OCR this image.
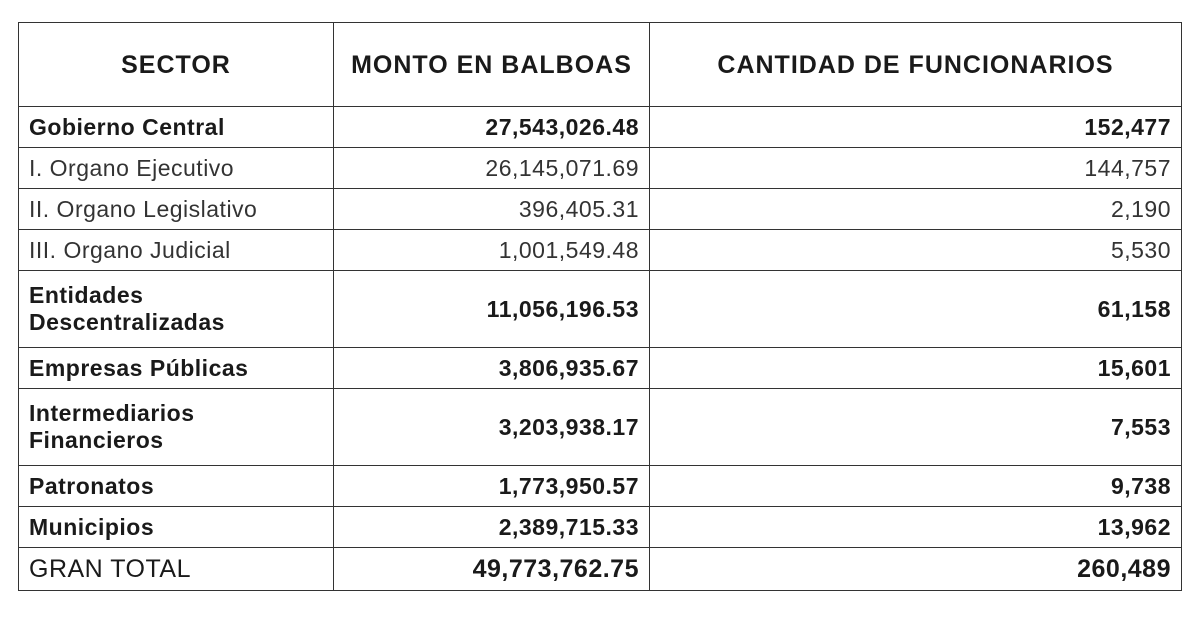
SECTOR	MONTO EN BALBOAS	CANTIDAD DE FUNCIONARIOS
Gobierno Central	27,543,026.48	152,477
I. Organo Ejecutivo	26,145,071.69	144,757
II. Organo Legislativo	396,405.31	2,190
III. Organo Judicial	1,001,549.48	5,530
Entidades Descentralizadas	11,056,196.53	61,158
Empresas Públicas	3,806,935.67	15,601
Intermediarios Financieros	3,203,938.17	7,553
Patronatos	1,773,950.57	9,738
Municipios	2,389,715.33	13,962
GRAN TOTAL	49,773,762.75	260,489
